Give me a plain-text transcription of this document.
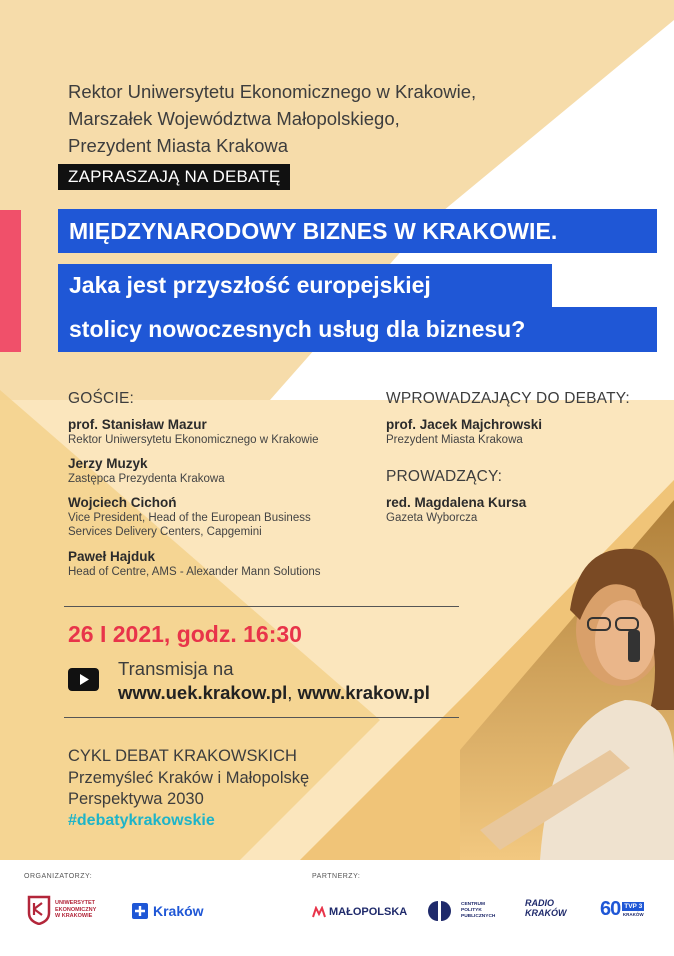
Rektor Uniwersytetu Ekonomicznego w Krakowie,
Marszałek Województwa Małopolskiego,
Prezydent Miasta Krakowa
ZAPRASZAJĄ NA DEBATĘ
MIĘDZYNARODOWY BIZNES W KRAKOWIE.
Jaka jest przyszłość europejskiej
stolicy nowoczesnych usług dla biznesu?
GOŚCIE:
prof. Stanisław Mazur
Rektor Uniwersytetu Ekonomicznego w Krakowie
Jerzy Muzyk
Zastępca Prezydenta Krakowa
Wojciech Cichoń
Vice President, Head of the European Business
Services Delivery Centers, Capgemini
Paweł Hajduk
Head of Centre, AMS - Alexander Mann Solutions
WPROWADZAJĄCY DO DEBATY:
prof. Jacek Majchrowski
Prezydent Miasta Krakowa
PROWADZĄCY:
red. Magdalena Kursa
Gazeta Wyborcza
26 I 2021, godz. 16:30
Transmisja na
www.uek.krakow.pl, www.krakow.pl
CYKL DEBAT KRAKOWSKICH
Przemyśleć Kraków i Małopolskę
Perspektywa 2030
#debatykrakowskie
ORGANIZATORZY:	PARTNERZY:
UNIWERSYTET
EKONOMICZNY
W KRAKOWIE	Kraków	MAŁOPOLSKA
CENTRUM
POLITYK
PUBLICZNYCH
RADIO
KRAKÓW 60 TVP 3
KRAKÓW
